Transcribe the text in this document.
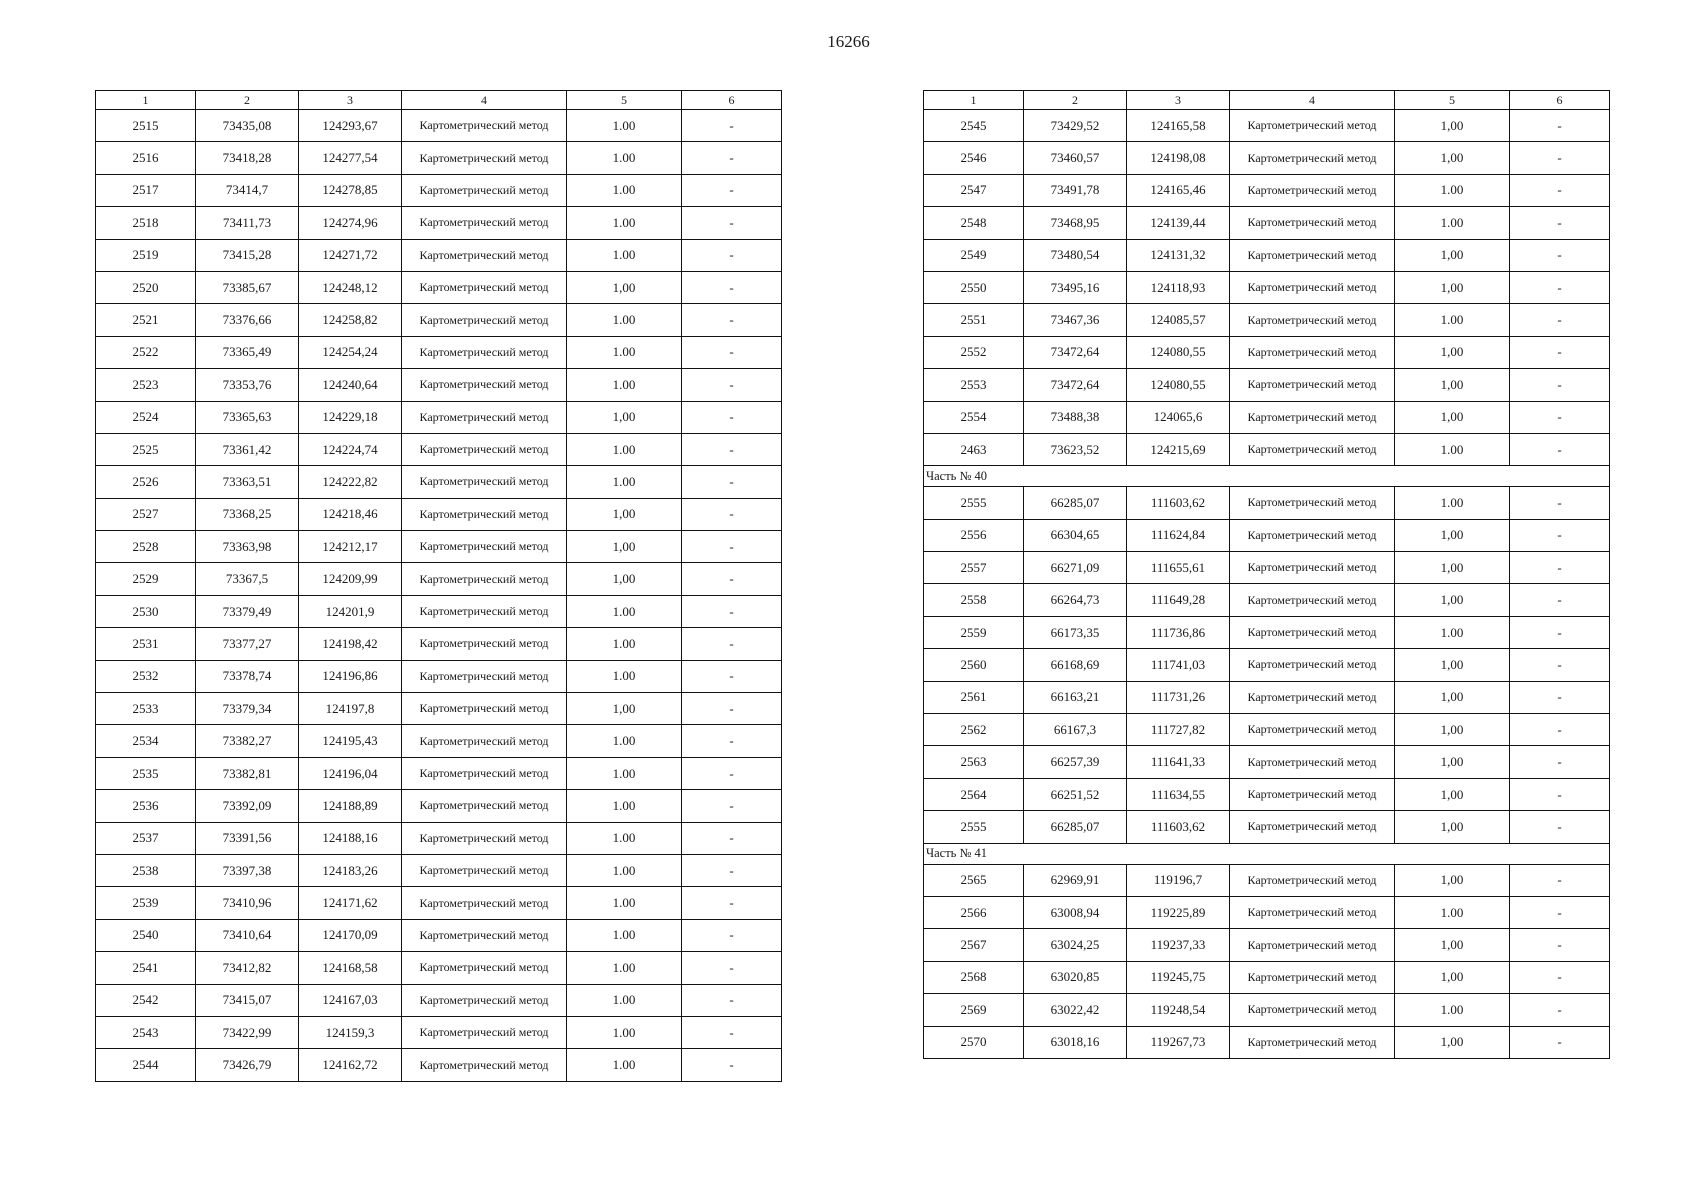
16266
1	2	3	4	5	6
2515	73435,08	124293,67	Картометрический метод	1.00	-
2516	73418,28	124277,54	Картометрический метод	1.00	-
2517	73414,7	124278,85	Картометрический метод	1.00	-
2518	73411,73	124274,96	Картометрический метод	1.00	-
2519	73415,28	124271,72	Картометрический метод	1.00	-
2520	73385,67	124248,12	Картометрический метод	1,00	-
2521	73376,66	124258,82	Картометрический метод	1.00	-
2522	73365,49	124254,24	Картометрический метод	1.00	-
2523	73353,76	124240,64	Картометрический метод	1.00	-
2524	73365,63	124229,18	Картометрический метод	1,00	-
2525	73361,42	124224,74	Картометрический метод	1.00	-
2526	73363,51	124222,82	Картометрический метод	1.00	-
2527	73368,25	124218,46	Картометрический метод	1,00	-
2528	73363,98	124212,17	Картометрический метод	1,00	-
2529	73367,5	124209,99	Картометрический метод	1,00	-
2530	73379,49	124201,9	Картометрический метод	1.00	-
2531	73377,27	124198,42	Картометрический метод	1.00	-
2532	73378,74	124196,86	Картометрический метод	1.00	-
2533	73379,34	124197,8	Картометрический метод	1,00	-
2534	73382,27	124195,43	Картометрический метод	1.00	-
2535	73382,81	124196,04	Картометрический метод	1.00	-
2536	73392,09	124188,89	Картометрический метод	1.00	-
2537	73391,56	124188,16	Картометрический метод	1.00	-
2538	73397,38	124183,26	Картометрический метод	1.00	-
2539	73410,96	124171,62	Картометрический метод	1.00	-
2540	73410,64	124170,09	Картометрический метод	1.00	-
2541	73412,82	124168,58	Картометрический метод	1.00	-
2542	73415,07	124167,03	Картометрический метод	1.00	-
2543	73422,99	124159,3	Картометрический метод	1.00	-
2544	73426,79	124162,72	Картометрический метод	1.00	-
1	2	3	4	5	6
2545	73429,52	124165,58	Картометрический метод	1,00	-
2546	73460,57	124198,08	Картометрический метод	1,00	-
2547	73491,78	124165,46	Картометрический метод	1.00	-
2548	73468,95	124139,44	Картометрический метод	1.00	-
2549	73480,54	124131,32	Картометрический метод	1,00	-
2550	73495,16	124118,93	Картометрический метод	1,00	-
2551	73467,36	124085,57	Картометрический метод	1.00	-
2552	73472,64	124080,55	Картометрический метод	1,00	-
2553	73472,64	124080,55	Картометрический метод	1,00	-
2554	73488,38	124065,6	Картометрический метод	1,00	-
2463	73623,52	124215,69	Картометрический метод	1.00	-
Часть № 40					
2555	66285,07	111603,62	Картометрический метод	1.00	-
2556	66304,65	111624,84	Картометрический метод	1,00	-
2557	66271,09	111655,61	Картометрический метод	1,00	-
2558	66264,73	111649,28	Картометрический метод	1,00	-
2559	66173,35	111736,86	Картометрический метод	1.00	-
2560	66168,69	111741,03	Картометрический метод	1,00	-
2561	66163,21	111731,26	Картометрический метод	1,00	-
2562	66167,3	111727,82	Картометрический метод	1,00	-
2563	66257,39	111641,33	Картометрический метод	1,00	-
2564	66251,52	111634,55	Картометрический метод	1,00	-
2555	66285,07	111603,62	Картометрический метод	1,00	-
Часть № 41					
2565	62969,91	119196,7	Картометрический метод	1,00	-
2566	63008,94	119225,89	Картометрический метод	1.00	-
2567	63024,25	119237,33	Картометрический метод	1,00	-
2568	63020,85	119245,75	Картометрический метод	1,00	-
2569	63022,42	119248,54	Картометрический метод	1.00	-
2570	63018,16	119267,73	Картометрический метод	1,00	-
